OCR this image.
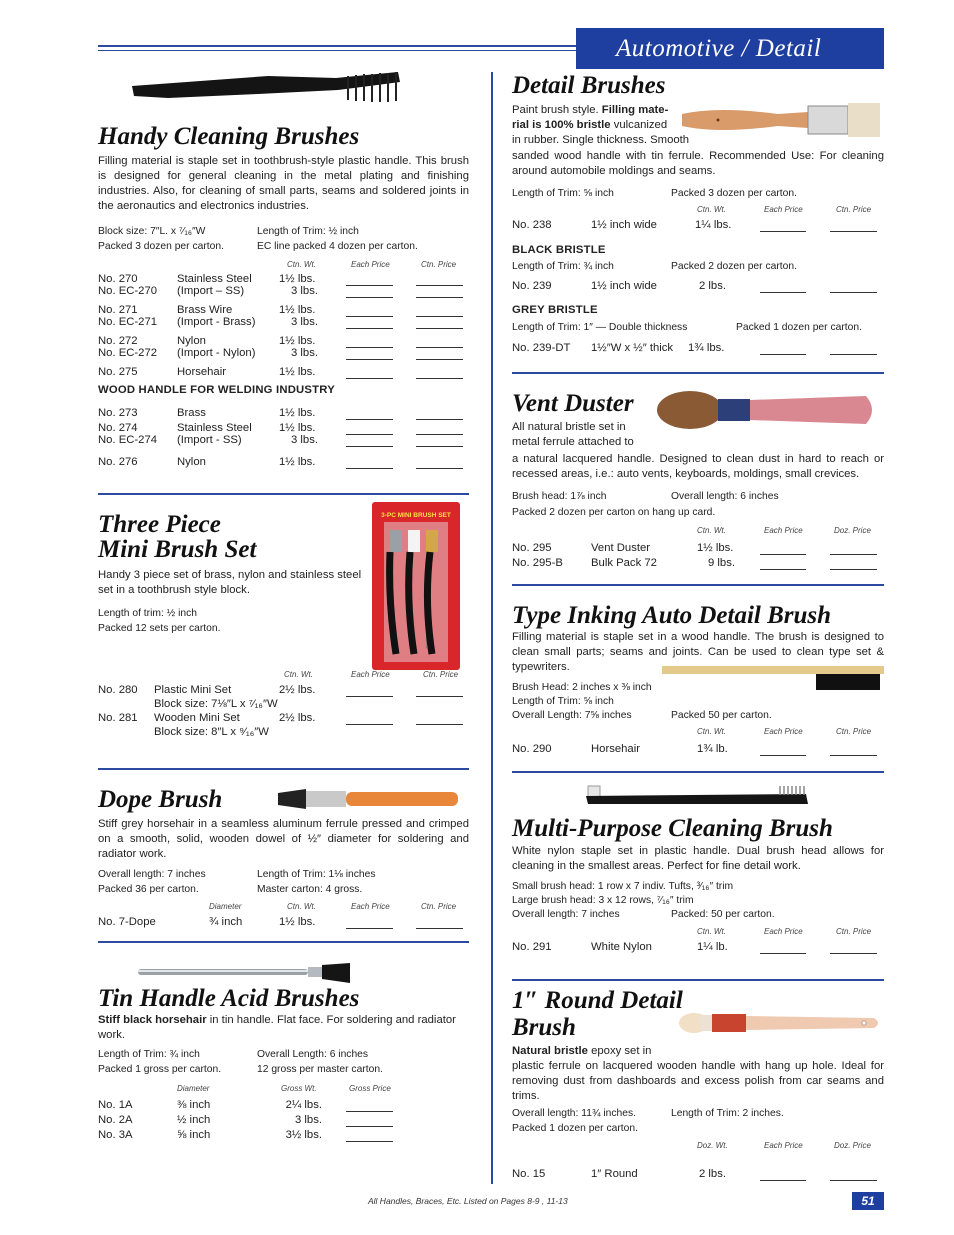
Automotive / Detail
Handy Cleaning Brushes
Filling material is staple set in toothbrush-style plastic handle. This brush is designed for general cleaning in the metal plating and finishing industries. Also, for cleaning of small parts, seams and soldered joints in the aeronautics and electronics industries.
Block size: 7″L. x ⁷⁄₁₆″W	Length of Trim: ½ inch
Packed 3 dozen per carton.	EC line packed 4 dozen per carton.
Ctn. Wt.	Each Price	Ctn. Price
No. 270	Stainless Steel 1½ lbs.
No. EC-270 (Import – SS)	3 lbs.
No. 271	Brass Wire	1½ lbs.
No. EC-271 (Import - Brass)	3 lbs.
No. 272	Nylon	1½ lbs.
No. EC-272 (Import - Nylon)	3 lbs.
No. 275	Horsehair	1½ lbs.
WOOD HANDLE FOR WELDING INDUSTRY
No. 273	Brass	1½ lbs.
No. 274	Stainless Steel 1½ lbs.
No. EC-274 (Import - SS)	3 lbs.
No. 276	Nylon	1½ lbs.
Three Piece
Mini Brush Set
Handy 3 piece set of brass, nylon and stainless steel set in a toothbrush style block.
Length of trim: ½ inch
Packed 12 sets per carton.
3-PC MINI BRUSH SET
BRASS • NYLON • STAINLESS
Ctn. Wt.	Each Price	Ctn. Price
No. 280 Plastic Mini Set	2½ lbs.
Block size: 7⅛″L x ⁷⁄₁₆″W
No. 281 Wooden Mini Set	2½ lbs.
Block size: 8″L x ⁹⁄₁₆″W
Dope Brush
Stiff grey horsehair in a seamless aluminum ferrule pressed and crimped on a smooth, solid, wooden dowel of ½″ diameter for soldering and radiator work.
Overall length: 7 inches	Length of Trim: 1⅛ inches
Packed 36 per carton.	Master carton: 4 gross.
Diameter	Ctn. Wt.	Each Price	Ctn. Price
No. 7-Dope	¾ inch	1½ lbs.
Tin Handle Acid Brushes
Stiff black horsehair in tin handle. Flat face. For soldering and radiator work.
Length of Trim: ¾ inch	Overall Length: 6 inches
Packed 1 gross per carton.	12 gross per master carton.
Diameter	Gross Wt.	Gross Price
No. 1A	⅜ inch	2¼ lbs.
No. 2A	½ inch	3 lbs.
No. 3A	⅝ inch	3½ lbs.
Detail Brushes
Paint brush style. Filling mate-
rial is 100% bristle vulcanized
in rubber. Single thickness. Smooth
sanded wood handle with tin ferrule. Recommended Use: For cleaning around automobile moldings and seams.
Length of Trim: ⅝ inch	Packed 3 dozen per carton.
Ctn. Wt.	Each Price	Ctn. Price
No. 238	1½ inch wide	1¼ lbs.
BLACK BRISTLE
Length of Trim: ¾ inch	Packed 2 dozen per carton.
No. 239	1½ inch wide	2 lbs.
GREY BRISTLE
Length of Trim: 1″ — Double thickness	Packed 1 dozen per carton.
No. 239-DT 1½″W x ½″ thick 1¾ lbs.
Vent Duster
All natural bristle set in
metal ferrule attached to
a natural lacquered handle. Designed to clean dust in hard to reach or recessed areas, i.e.: auto vents, keyboards, moldings, small crevices.
Brush head: 1⅞ inch	Overall length: 6 inches
Packed 2 dozen per carton on hang up card.
Ctn. Wt.	Each Price	Doz. Price
No. 295	Vent Duster	1½ lbs.
No. 295-B Bulk Pack 72	9 lbs.
Type Inking Auto Detail Brush
Filling material is staple set in a wood handle. The brush is designed to clean small parts; seams and joints. Can be used to clean type set & typewriters.
Brush Head: 2 inches x ⅜ inch
Length of Trim: ⅝ inch
Overall Length: 7⅝ inches	Packed 50 per carton.
Ctn. Wt.	Each Price	Ctn. Price
No. 290	Horsehair	1¾ lb.
Multi-Purpose Cleaning Brush
White nylon staple set in plastic handle. Dual brush head allows for cleaning in the smallest areas. Perfect for fine detail work.
Small brush head: 1 row x 7 indiv. Tufts, ³⁄₁₆″ trim
Large brush head: 3 x 12 rows, ⁷⁄₁₆″ trim
Overall length: 7 inches	Packed: 50 per carton.
Ctn. Wt.	Each Price	Ctn. Price
No. 291	White Nylon	1¼ lb.
1″ Round Detail
Brush
Natural bristle epoxy set in
plastic ferrule on lacquered wooden handle with hang up hole. Ideal for removing dust from dashboards and excess polish from car seams and trims.
Overall length: 11¾ inches.	Length of Trim: 2 inches.
Packed 1 dozen per carton.
Doz. Wt.	Each Price	Doz. Price
No. 15	1″ Round	2 lbs.
All Handles, Braces, Etc. Listed on Pages 8-9 , 11-13	51
